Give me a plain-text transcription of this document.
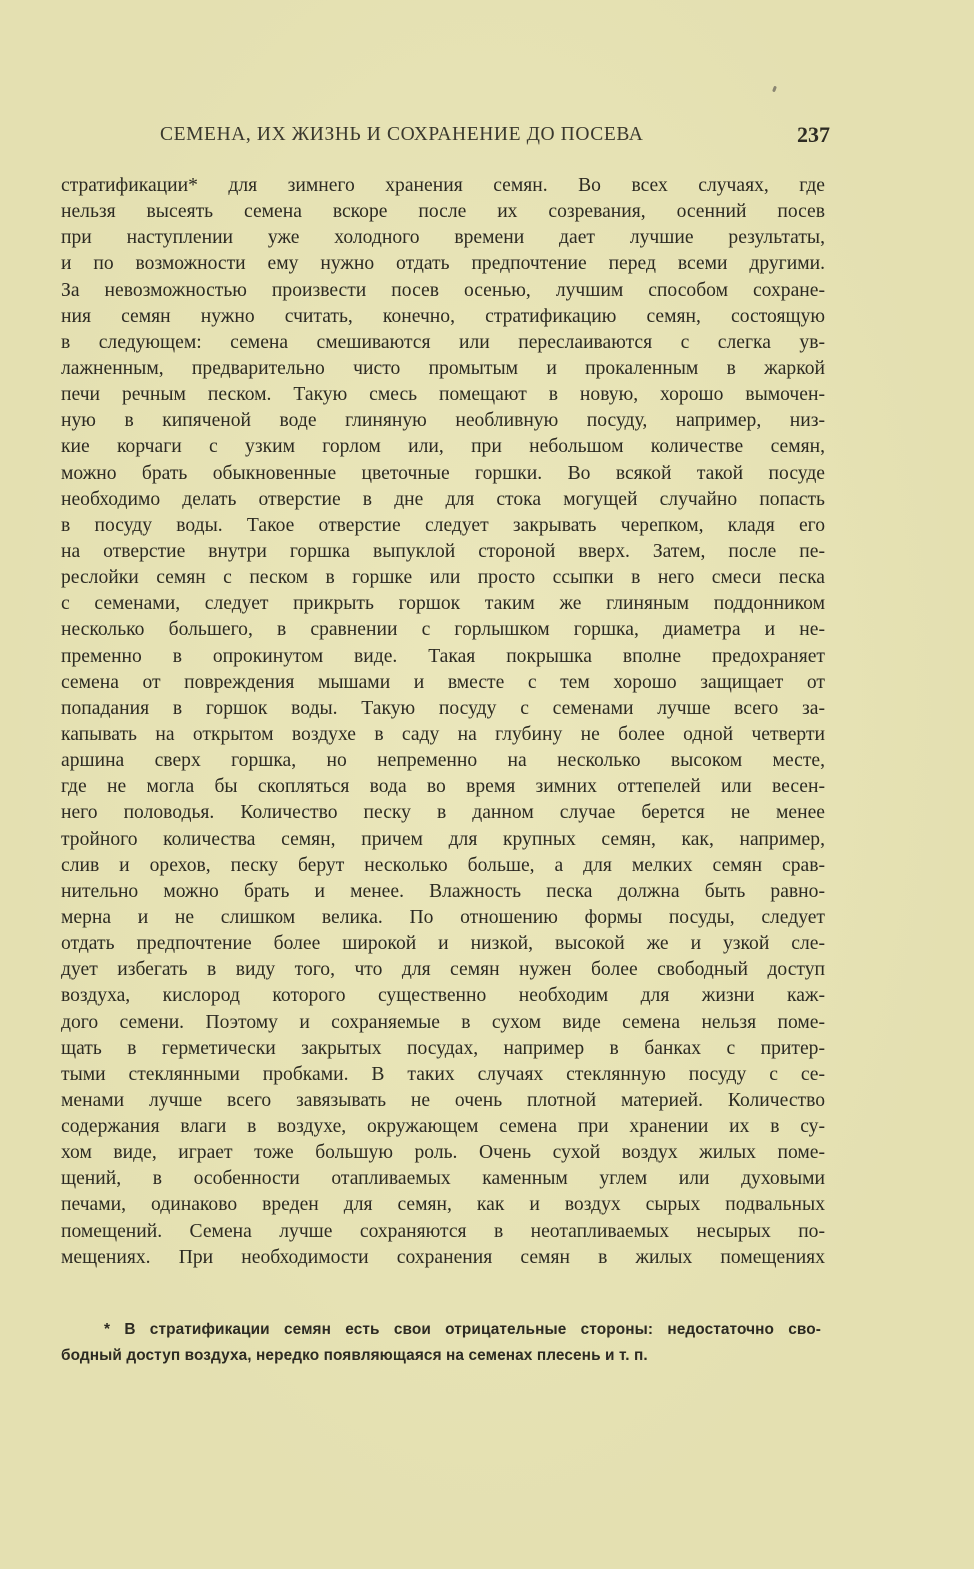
СЕМЕНА, ИХ ЖИЗНЬ И СОХРАНЕНИЕ ДО ПОСЕВА	237
стратификации* для зимнего хранения семян. Во всех случаях, где
нельзя высеять семена вскоре после их созревания, осенний посев
при наступлении уже холодного времени дает лучшие результаты,
и по возможности ему нужно отдать предпочтение перед всеми другими.
За невозможностью произвести посев осенью, лучшим способом сохране-
ния семян нужно считать, конечно, стратификацию семян, состоящую
в следующем: семена смешиваются или перeслаиваются с слегка ув-
лажненным, предварительно чисто промытым и прокаленным в жаркой
печи речным песком. Такую смесь помещают в новую, хорошо вымочен-
ную в кипяченой воде глиняную необливную посуду, например, низ-
кие корчаги с узким горлом или, при небольшом количестве семян,
можно брать обыкновенные цветочные горшки. Во всякой такой посуде
необходимо делать отверстие в дне для стока могущей случайно попасть
в посуду воды. Такое отверстие следует закрывать черепком, кладя его
на отверстие внутри горшка выпуклой стороной вверх. Затем, после пе-
реслойки семян с песком в горшке или просто ссыпки в него смеси песка
с семенами, следует прикрыть горшок таким же глиняным поддонником
несколько большего, в сравнении с горлышком горшка, диаметра и не-
пременно в опрокинутом виде. Такая покрышка вполне предохраняет
семена от повреждения мышами и вместе с тем хорошо защищает от
попадания в горшок воды. Такую посуду с семенами лучше всего за-
капывать на открытом воздухе в саду на глубину не более одной четверти
аршина сверх горшка, но непременно на несколько высоком месте,
где не могла бы скопляться вода во время зимних оттепелей или весен-
него половодья. Количество песку в данном случае берется не менее
тройного количества семян, причем для крупных семян, как, например,
слив и орехов, песку берут несколько больше, а для мелких семян срав-
нительно можно брать и менее. Влажность песка должна быть равно-
мерна и не слишком велика. По отношению формы посуды, следует
отдать предпочтение более широкой и низкой, высокой же и узкой сле-
дует избегать в виду того, что для семян нужен более свободный доступ
воздуха, кислород которого существенно необходим для жизни каж-
дого семени. Поэтому и сохраняемые в сухом виде семена нельзя поме-
щать в герметически закрытых посудах, например в банках с притер-
тыми стеклянными пробками. В таких случаях стеклянную посуду с се-
менами лучше всего завязывать не очень плотной материей. Количество
содержания влаги в воздухе, окружающем семена при хранении их в су-
хом виде, играет тоже большую роль. Очень сухой воздух жилых поме-
щений, в особенности отапливаемых каменным углем или духовыми
печами, одинаково вреден для семян, как и воздух сырых подвальных
помещений. Семена лучше сохраняются в неотапливаемых несырых по-
мещениях. При необходимости сохранения семян в жилых помещениях
* В стратификации семян есть свои отрицательные стороны: недостаточно сво-
бодный доступ воздуха, нередко появляющаяся на семенах плесень и т. п.
